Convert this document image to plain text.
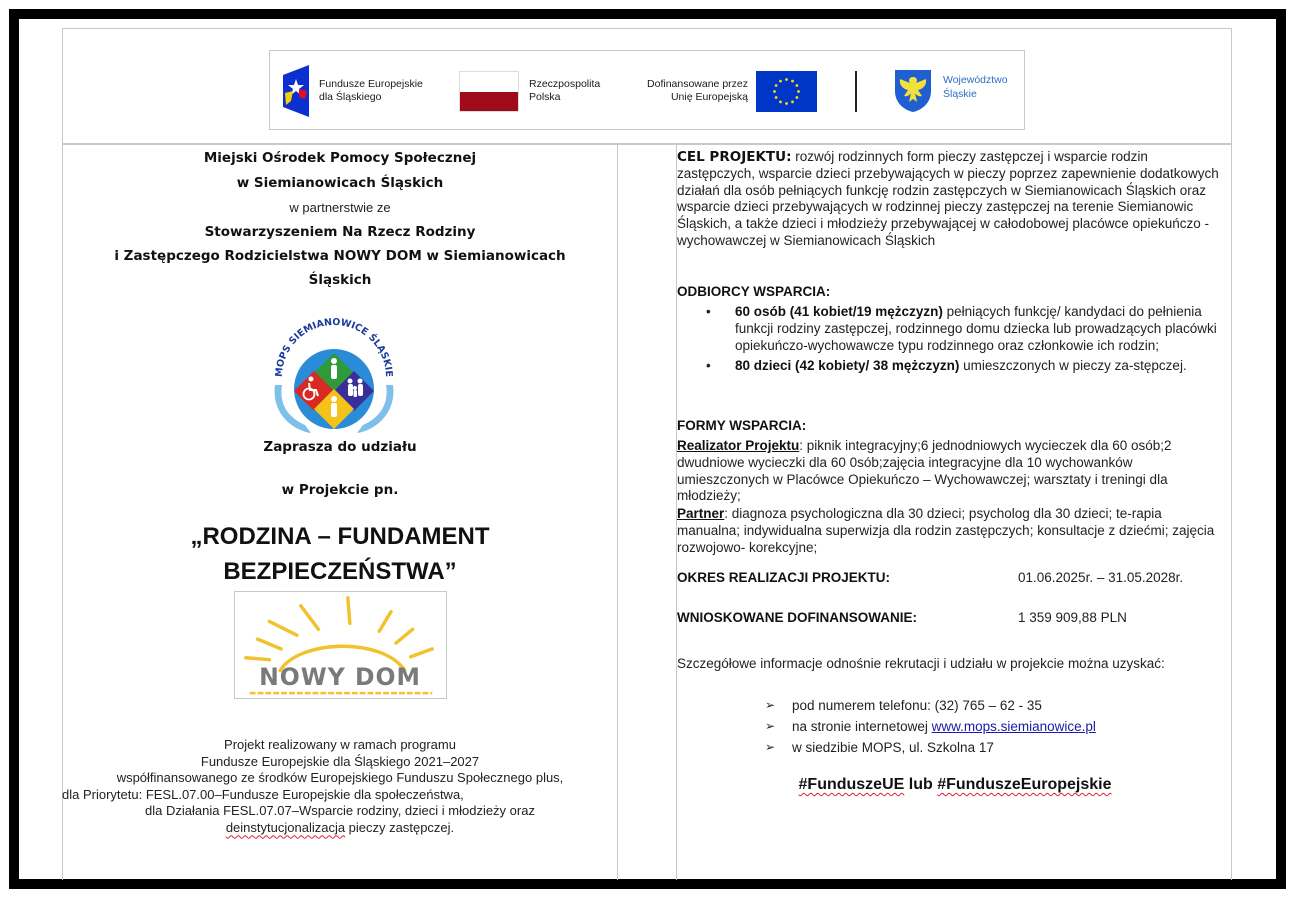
Fundusze Europejskie
dla Śląskiego
Rzeczpospolita
Polska
Dofinansowane przez
Unię Europejską
Województwo
Śląskie
Miejski Ośrodek Pomocy Społecznej
w Siemianowicach Śląskich
w partnerstwie ze
Stowarzyszeniem Na Rzecz Rodziny
i Zastępczego Rodzicielstwa NOWY DOM w Siemianowicach
Śląskich
MOPS SIEMIANOWICE ŚLĄSKIE
Zaprasza do udziału
w Projekcie pn.
„RODZINA – FUNDAMENT
BEZPIECZEŃSTWA”
NOWY DOM
Projekt realizowany w ramach programu
Fundusze Europejskie dla Śląskiego 2021–2027
współfinansowanego ze środków Europejskiego Funduszu Społecznego plus,
dla Priorytetu: FESL.07.00–Fundusze Europejskie dla społeczeństwa,
dla Działania FESL.07.07–Wsparcie rodziny, dzieci i młodzieży oraz
deinstytucjonalizacja pieczy zastępczej.
CEL PROJEKTU: rozwój rodzinnych form pieczy zastępczej i wsparcie rodzin zastępczych, wsparcie dzieci przebywających w pieczy poprzez zapewnienie dodatkowych działań dla osób pełniących funkcję rodzin zastępczych w Siemianowicach Śląskich oraz wsparcie dzieci przebywających w rodzinnej pieczy zastępczej na terenie Siemianowic Śląskich, a także dzieci i młodzieży przebywającej w całodobowej placówce opiekuńczo - wychowawczej w Siemianowicach Śląskich
ODBIORCY WSPARCIA:
• 60 osób (41 kobiet/19 mężczyzn) pełniących funkcję/ kandydaci do pełnienia funkcji rodziny zastępczej, rodzinnego domu dziecka lub prowadzących placówki opiekuńczo-wychowawcze typu rodzinnego oraz członkowie ich rodzin;
• 80 dzieci (42 kobiety/ 38 mężczyzn) umieszczonych w pieczy za-stępczej.
FORMY WSPARCIA:
Realizator Projektu: piknik integracyjny;6 jednodniowych wycieczek dla 60 osób;2 dwudniowe wycieczki dla 60 0sób;zajęcia integracyjne dla 10 wychowanków umieszczonych w Placówce Opiekuńczo – Wychowawczej; warsztaty i treningi dla młodzieży;
Partner: diagnoza psychologiczna dla 30 dzieci; psycholog dla 30 dzieci; te-rapia manualna; indywidualna superwizja dla rodzin zastępczych; konsultacje z dziećmi; zajęcia rozwojowo- korekcyjne;
OKRES REALIZACJI PROJEKTU:	01.06.2025r. – 31.05.2028r.
WNIOSKOWANE DOFINANSOWANIE:	1 359 909,88 PLN
Szczegółowe informacje odnośnie rekrutacji i udziału w projekcie można uzyskać:
➢ pod numerem telefonu: (32) 765 – 62 - 35
➢ na stronie internetowej www.mops.siemianowice.pl
➢ w siedzibie MOPS, ul. Szkolna 17
#FunduszeUE lub #FunduszeEuropejskie
